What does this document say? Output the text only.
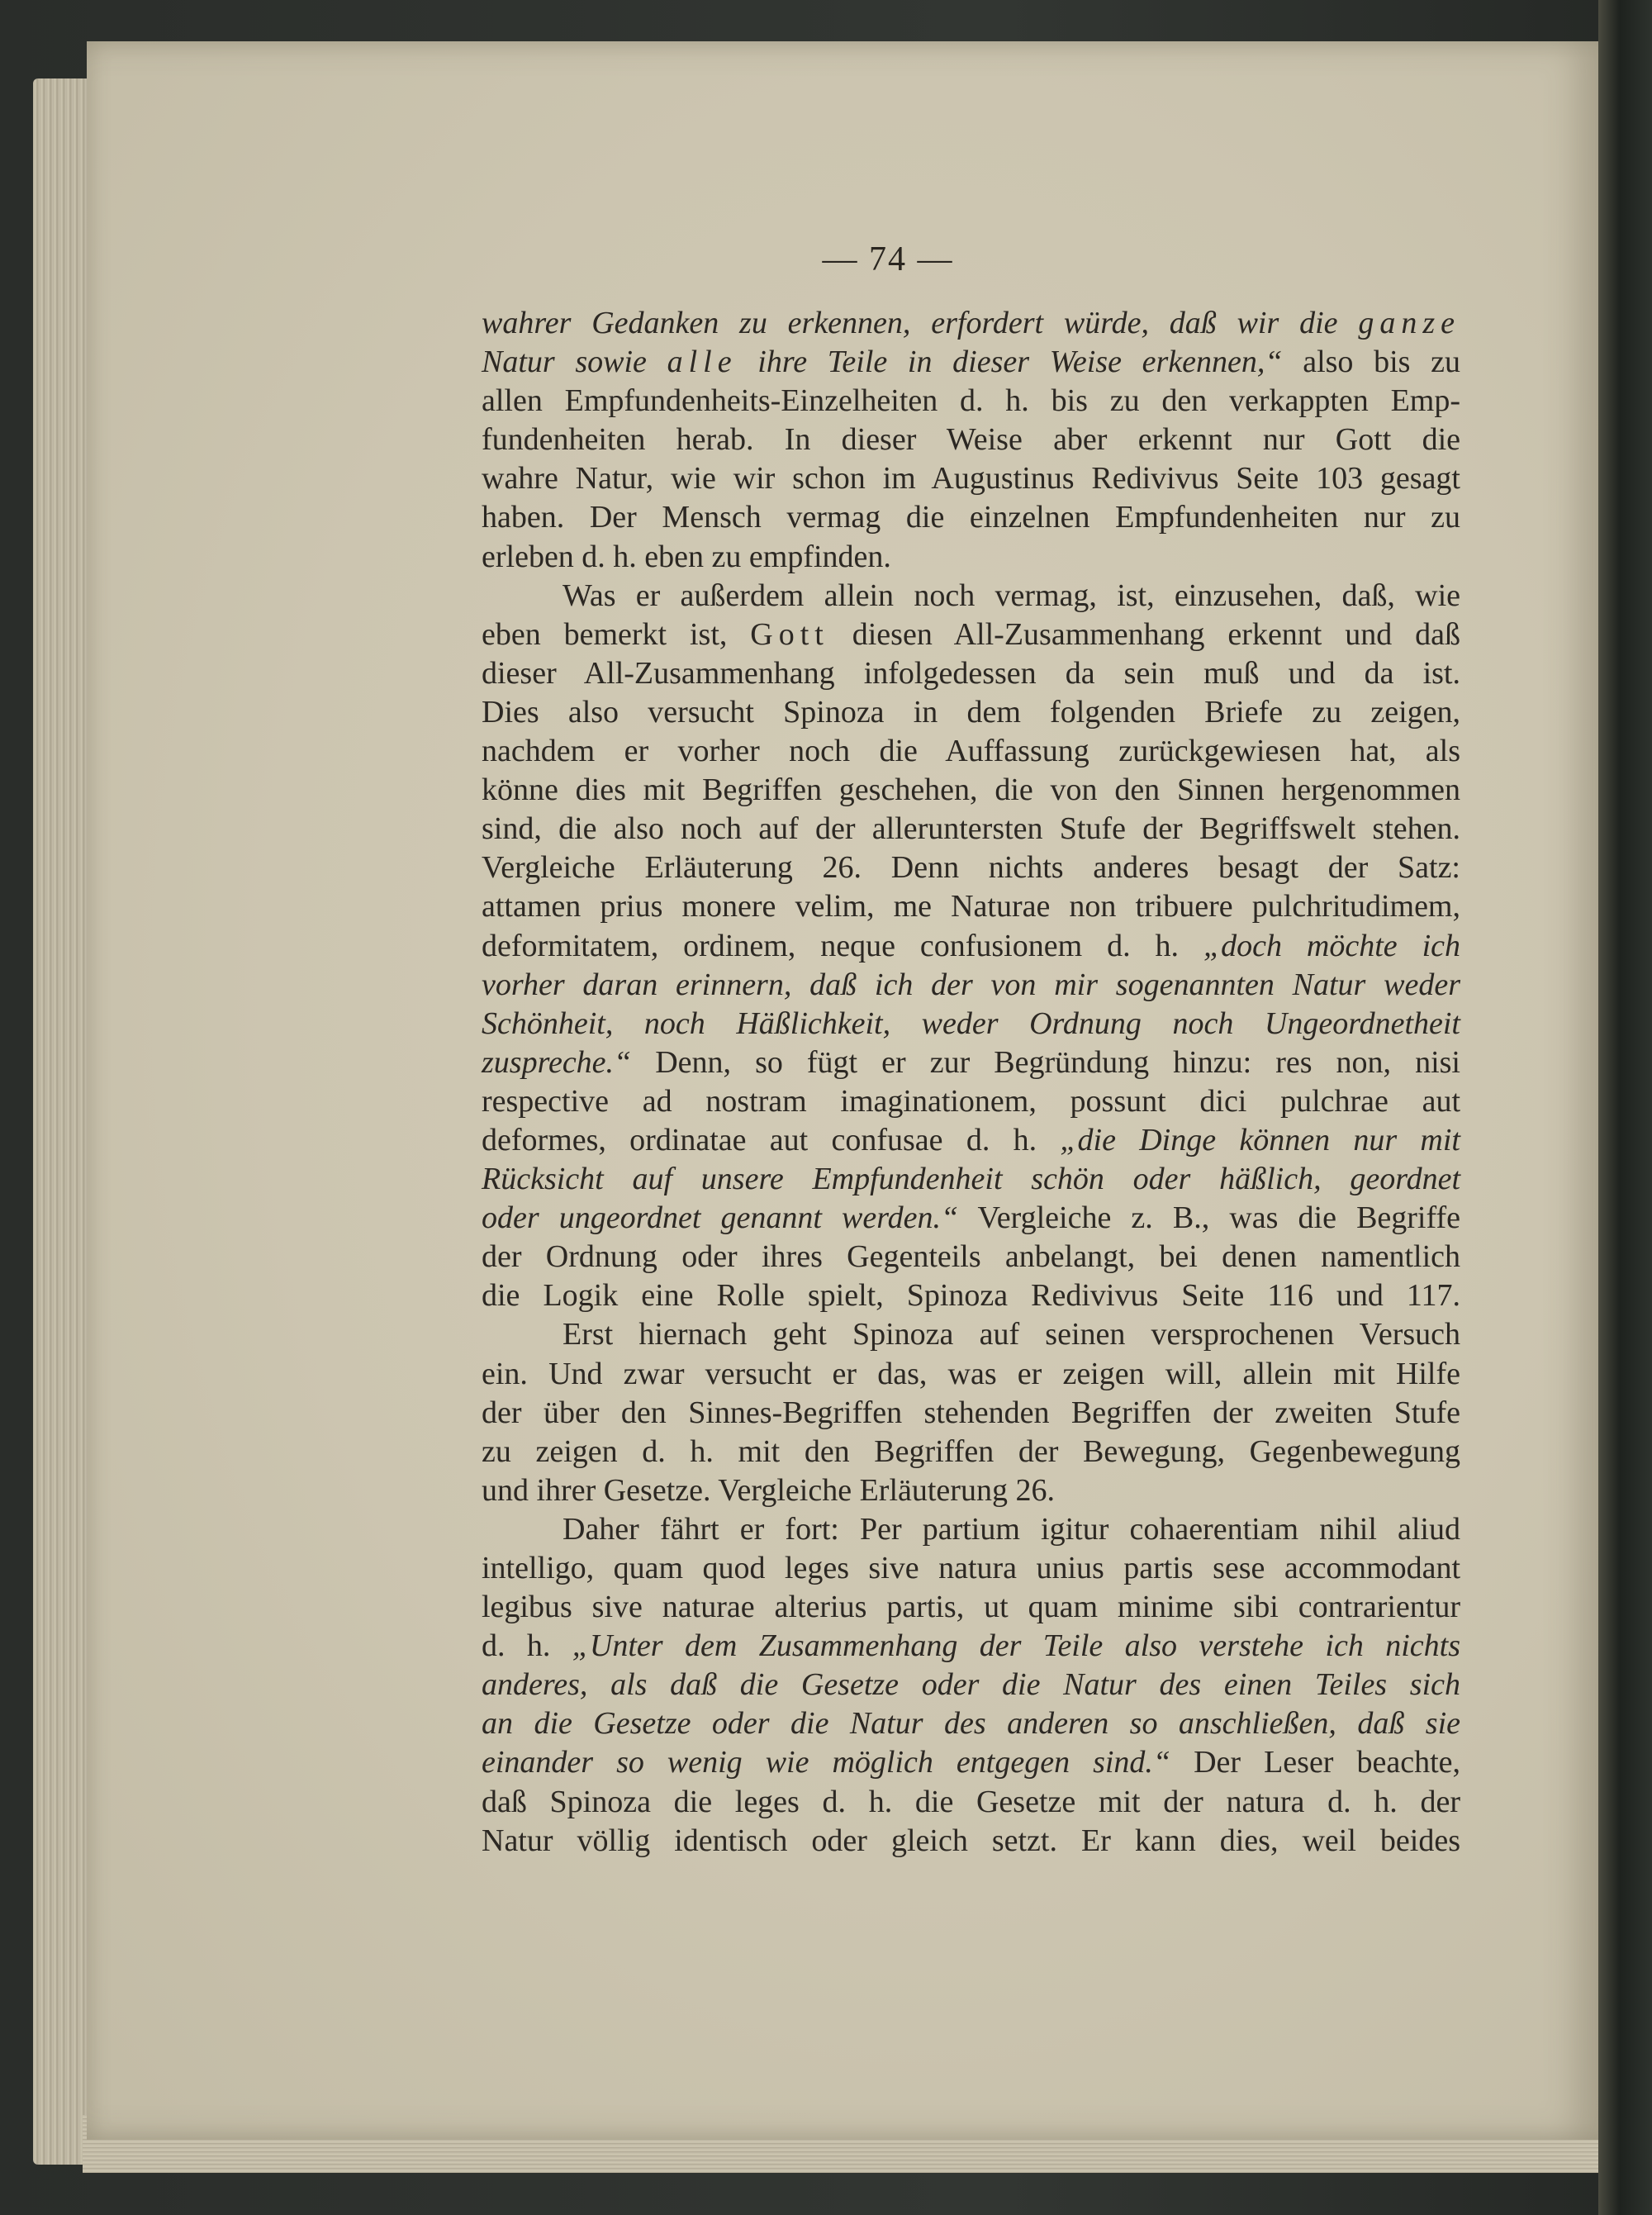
— 74 —
wahrer Gedanken zu erkennen, erfordert würde, daß wir die ganze
Natur sowie alle ihre Teile in dieser Weise erkennen,“ also bis zu
allen Empfundenheits-Einzelheiten d. h. bis zu den verkappten Emp-
fundenheiten herab. In dieser Weise aber erkennt nur Gott die
wahre Natur, wie wir schon im Augustinus Redivivus Seite 103 gesagt
haben. Der Mensch vermag die einzelnen Empfundenheiten nur zu
erleben d. h. eben zu empfinden.
Was er außerdem allein noch vermag, ist, einzusehen, daß, wie
eben bemerkt ist, Gott diesen All-Zusammenhang erkennt und daß
dieser All-Zusammenhang infolgedessen da sein muß und da ist.
Dies also versucht Spinoza in dem folgenden Briefe zu zeigen,
nachdem er vorher noch die Auffassung zurückgewiesen hat, als
könne dies mit Begriffen geschehen, die von den Sinnen hergenommen
sind, die also noch auf der alleruntersten Stufe der Begriffswelt stehen.
Vergleiche Erläuterung 26. Denn nichts anderes besagt der Satz:
attamen prius monere velim, me Naturae non tribuere pulchritudimem,
deformitatem, ordinem, neque confusionem d. h. „doch möchte ich
vorher daran erinnern, daß ich der von mir sogenannten Natur weder
Schönheit, noch Häßlichkeit, weder Ordnung noch Ungeordnetheit
zuspreche.“ Denn, so fügt er zur Begründung hinzu: res non, nisi
respective ad nostram imaginationem, possunt dici pulchrae aut
deformes, ordinatae aut confusae d. h. „die Dinge können nur mit
Rücksicht auf unsere Empfundenheit schön oder häßlich, geordnet
oder ungeordnet genannt werden.“ Vergleiche z. B., was die Begriffe
der Ordnung oder ihres Gegenteils anbelangt, bei denen namentlich
die Logik eine Rolle spielt, Spinoza Redivivus Seite 116 und 117.
Erst hiernach geht Spinoza auf seinen versprochenen Versuch
ein. Und zwar versucht er das, was er zeigen will, allein mit Hilfe
der über den Sinnes-Begriffen stehenden Begriffen der zweiten Stufe
zu zeigen d. h. mit den Begriffen der Bewegung, Gegenbewegung
und ihrer Gesetze. Vergleiche Erläuterung 26.
Daher fährt er fort: Per partium igitur cohaerentiam nihil aliud
intelligo, quam quod leges sive natura unius partis sese accommodant
legibus sive naturae alterius partis, ut quam minime sibi contrarientur
d. h. „Unter dem Zusammenhang der Teile also verstehe ich nichts
anderes, als daß die Gesetze oder die Natur des einen Teiles sich
an die Gesetze oder die Natur des anderen so anschließen, daß sie
einander so wenig wie möglich entgegen sind.“ Der Leser beachte,
daß Spinoza die leges d. h. die Gesetze mit der natura d. h. der
Natur völlig identisch oder gleich setzt. Er kann dies, weil beides
